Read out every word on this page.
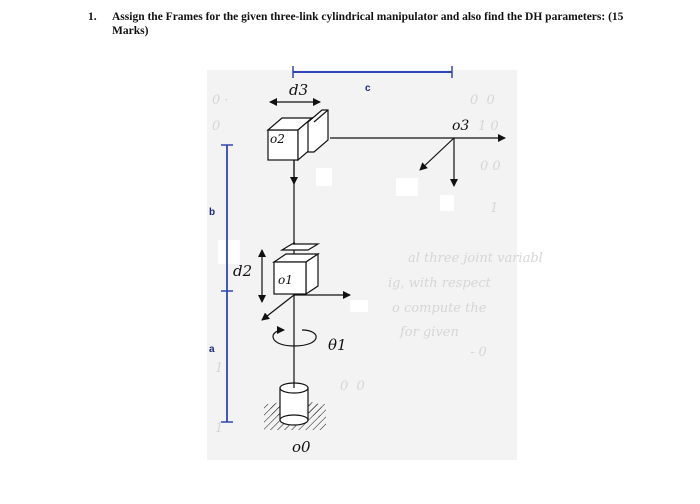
1. Assign the Frames for the given three-link cylindrical manipulator and also find the DH parameters: (15 Marks)
0 ·
0
0  0
1 0
0 0
1
al three joint variabl
ig, with respect
o compute the
for given
1
- 0
0  0
1
c
b
a
d3
o3
o2
d2 o1
θ1
o0
